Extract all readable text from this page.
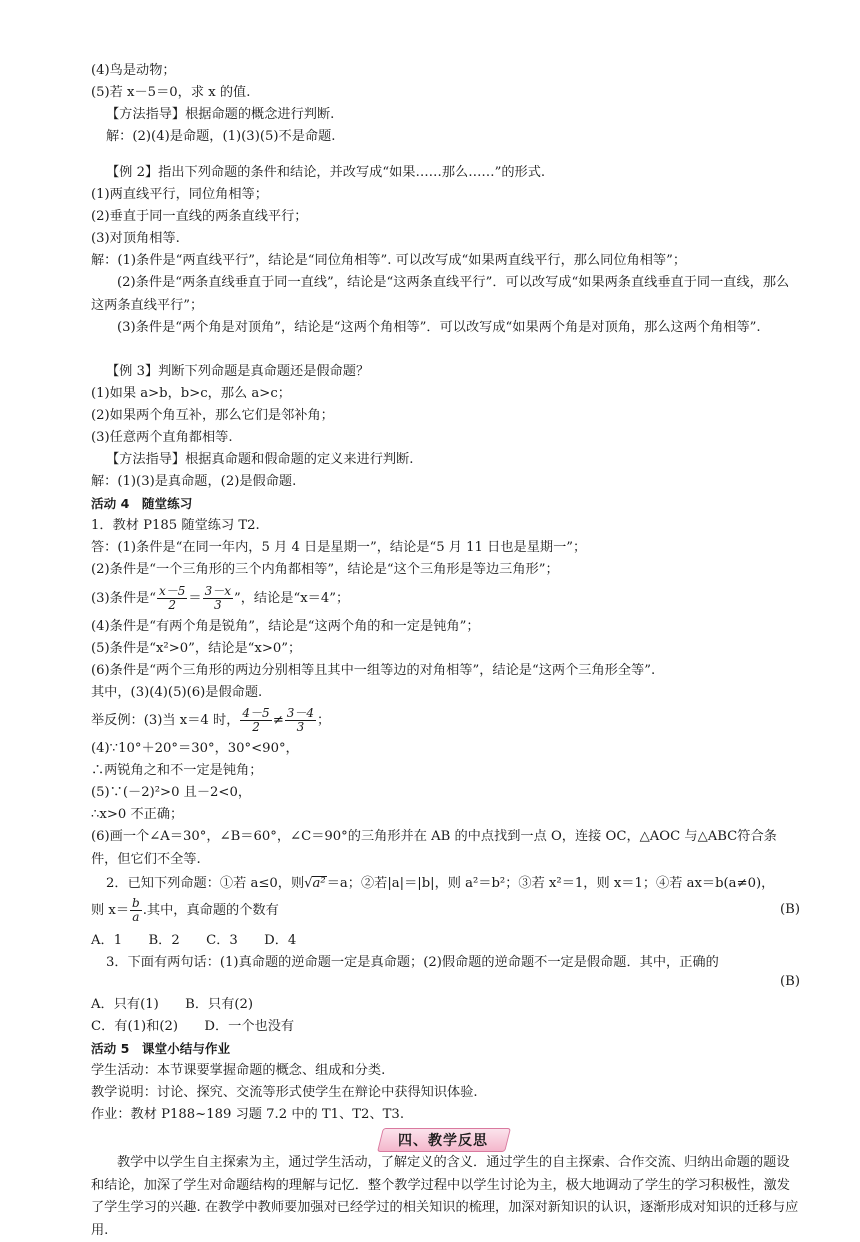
(4)鸟是动物；
(5)若 x－5＝0，求 x 的值.
【方法指导】根据命题的概念进行判断.
解：(2)(4)是命题，(1)(3)(5)不是命题.
【例 2】指出下列命题的条件和结论，并改写成“如果……那么……”的形式.
(1)两直线平行，同位角相等；
(2)垂直于同一直线的两条直线平行；
(3)对顶角相等.
解：(1)条件是“两直线平行”，结论是“同位角相等”. 可以改写成“如果两直线平行，那么同位角相等”；
(2)条件是“两条直线垂直于同一直线”，结论是“这两条直线平行”．可以改写成“如果两条直线垂直于同一直线，那么这两条直线平行”；
(3)条件是“两个角是对顶角”，结论是“这两个角相等”．可以改写成“如果两个角是对顶角，那么这两个角相等”.
【例 3】判断下列命题是真命题还是假命题？
(1)如果 a>b，b>c，那么 a>c；
(2)如果两个角互补，那么它们是邻补角；
(3)任意两个直角都相等.
【方法指导】根据真命题和假命题的定义来进行判断.
解：(1)(3)是真命题，(2)是假命题.
活动 4　随堂练习
1．教材 P185 随堂练习 T2.
答：(1)条件是“在同一年内，5 月 4 日是星期一”，结论是“5 月 11 日也是星期一”；
(2)条件是“一个三角形的三个内角都相等”，结论是“这个三角形是等边三角形”；
(3)条件是“ $\frac{x-5}{2} = \frac{3-x}{3}$ ”，结论是“x＝4”；
(4)条件是“有两个角是锐角”，结论是“这两个角的和一定是钝角”；
(5)条件是“x²>0”，结论是“x>0”；
(6)条件是“两个三角形的两边分别相等且其中一组等边的对角相等”，结论是“这两个三角形全等”.
其中，(3)(4)(5)(6)是假命题.
举反例：(3)当 x＝4 时， $\frac{4-5}{2} \ne \frac{3-4}{3}$ ；
(4)∵10°＋20°＝30°，30°<90°，
∴两锐角之和不一定是钝角；
(5)∵(－2)²>0 且－2<0，
∴x>0 不正确；
(6)画一个∠A＝30°，∠B＝60°，∠C＝90°的三角形并在 AB 的中点找到一点 O，连接 OC，△AOC 与△ABC符合条件，但它们不全等.
2．已知下列命题：①若 a≤0，则√a²＝a；②若|a|＝|b|，则 a²＝b²；③若 x²＝1，则 x＝1；④若 ax＝b(a≠0)，
则 $x= \frac{b}{a}$ .其中，真命题的个数有	(B)
A．1　　B．2　　C．3　　D．4
3．下面有两句话：(1)真命题的逆命题一定是真命题；(2)假命题的逆命题不一定是假命题．其中，正确的
(B)
A．只有(1)　　B．只有(2)
C．有(1)和(2)　　D．一个也没有
活动 5　课堂小结与作业
学生活动：本节课要掌握命题的概念、组成和分类.
教学说明：讨论、探究、交流等形式使学生在辩论中获得知识体验.
作业：教材 P188~189 习题 7.2 中的 T1、T2、T3.
四、教学反思
教学中以学生自主探索为主，通过学生活动，了解定义的含义．通过学生的自主探索、合作交流、归纳出命题的题设和结论，加深了学生对命题结构的理解与记忆．整个教学过程中以学生讨论为主，极大地调动了学生的学习积极性，激发了学生学习的兴趣. 在教学中教师要加强对已经学过的相关知识的梳理，加深对新知识的认识，逐渐形成对知识的迁移与应用.
